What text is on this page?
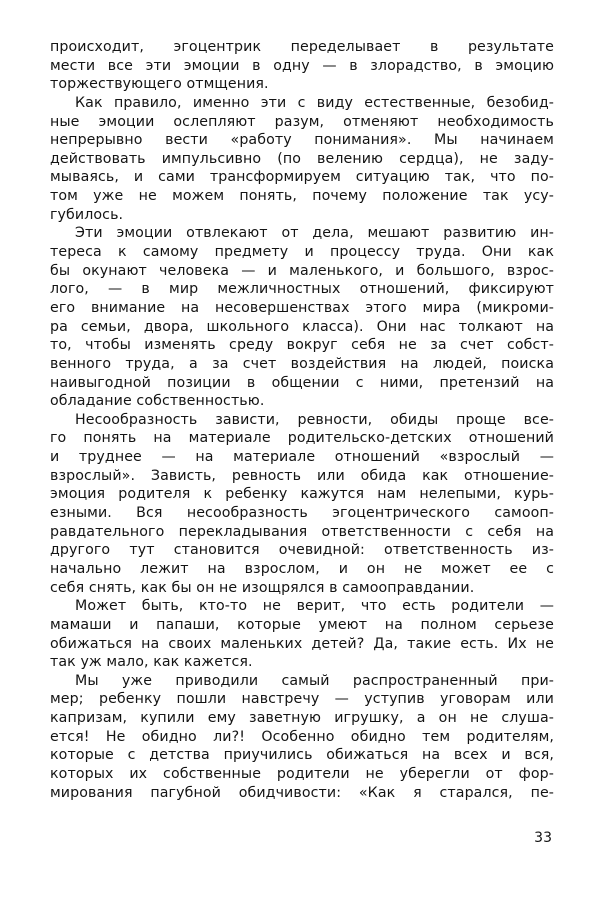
происходит, эгоцентрик переделывает в результате
мести все эти эмоции в одну — в злорадство, в эмоцию
торжествующего отмщения.
Как правило, именно эти с виду естественные, безобид-
ные эмоции ослепляют разум, отменяют необходимость
непрерывно вести «работу понимания». Мы начинаем
действовать импульсивно (по велению сердца), не заду-
мываясь, и сами трансформируем ситуацию так, что по-
том уже не можем понять, почему положение так усу-
губилось.
Эти эмоции отвлекают от дела, мешают развитию ин-
тереса к самому предмету и процессу труда. Они как
бы окунают человека — и маленького, и большого, взрос-
лого, — в мир межличностных отношений, фиксируют
его внимание на несовершенствах этого мира (микроми-
ра семьи, двора, школьного класса). Они нас толкают на
то, чтобы изменять среду вокруг себя не за счет собст-
венного труда, а за счет воздействия на людей, поиска
наивыгодной позиции в общении с ними, претензий на
обладание собственностью.
Несообразность зависти, ревности, обиды проще все-
го понять на материале родительско-детских отношений
и труднее — на материале отношений «взрослый —
взрослый». Зависть, ревность или обида как отношение-
эмоция родителя к ребенку кажутся нам нелепыми, курь-
езными. Вся несообразность эгоцентрического самооп-
равдательного перекладывания ответственности с себя на
другого тут становится очевидной: ответственность из-
начально лежит на взрослом, и он не может ее с
себя снять, как бы он не изощрялся в самооправдании.
Может быть, кто-то не верит, что есть родители —
мамаши и папаши, которые умеют на полном серьезе
обижаться на своих маленьких детей? Да, такие есть. Их не
так уж мало, как кажется.
Мы уже приводили самый распространенный при-
мер; ребенку пошли навстречу — уступив уговорам или
капризам, купили ему заветную игрушку, а он не слуша-
ется! Не обидно ли?! Особенно обидно тем родителям,
которые с детства приучились обижаться на всех и вся,
которых их собственные родители не уберегли от фор-
мирования пагубной обидчивости: «Как я старался, пе-
33
